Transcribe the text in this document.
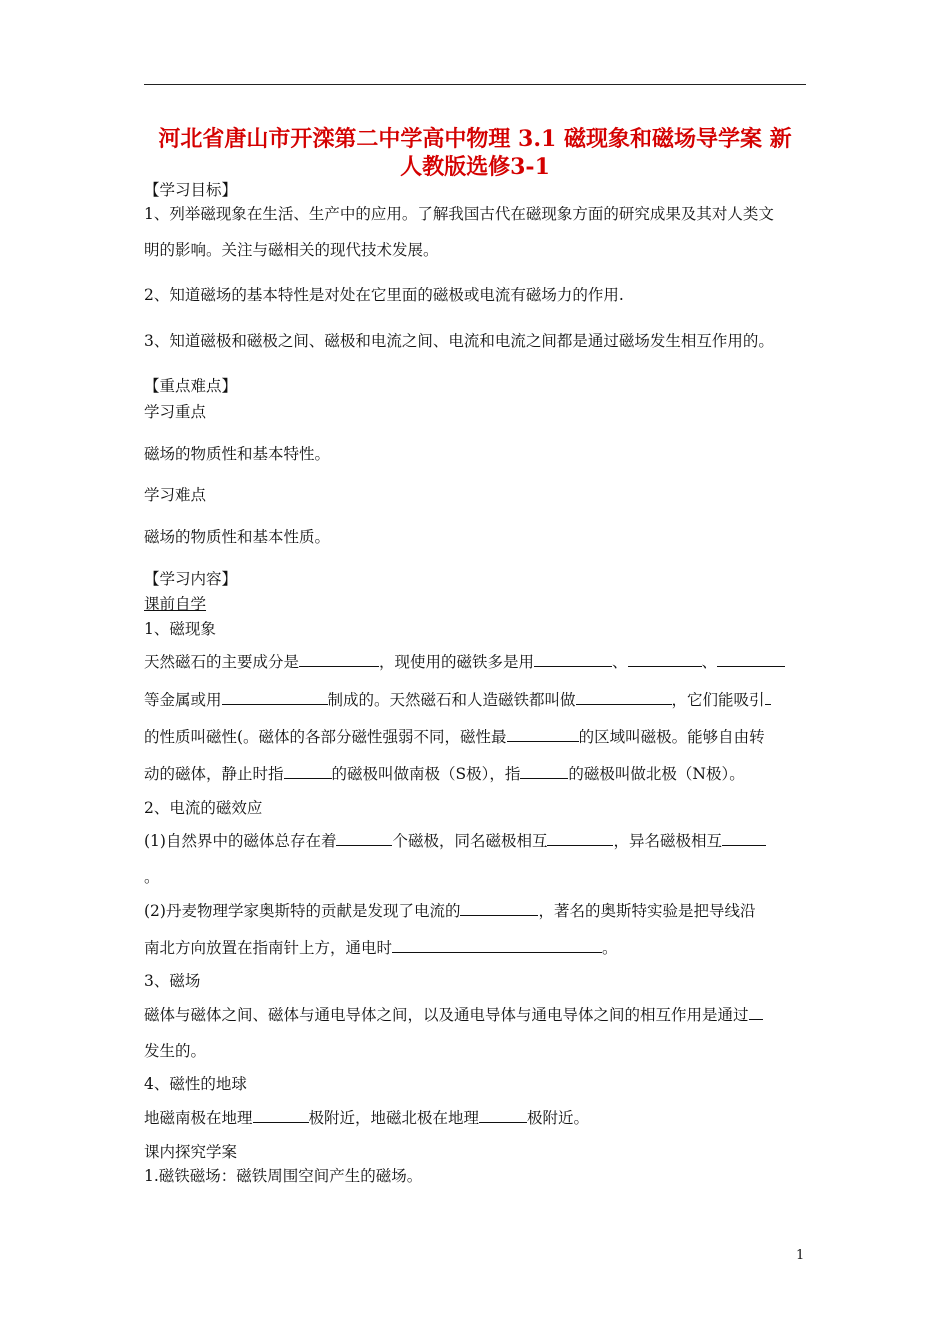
河北省唐山市开滦第二中学高中物理 3.1 磁现象和磁场导学案 新
人教版选修3-1
【学习目标】
1、列举磁现象在生活、生产中的应用。了解我国古代在磁现象方面的研究成果及其对人类文
明的影响。关注与磁相关的现代技术发展。
2、知道磁场的基本特性是对处在它里面的磁极或电流有磁场力的作用.
3、知道磁极和磁极之间、磁极和电流之间、电流和电流之间都是通过磁场发生相互作用的。
【重点难点】
学习重点
磁场的物质性和基本特性。
学习难点
磁场的物质性和基本性质。
【学习内容】
课前自学
1、磁现象
天然磁石的主要成分是	，现使用的磁铁多是用	、	、
等金属或用	制成的。天然磁石和人造磁铁都叫做	，它们能吸引
的性质叫磁性(。磁体的各部分磁性强弱不同，磁性最	的区域叫磁极。能够自由转
动的磁体，静止时指	的磁极叫做南极（S极），指	的磁极叫做北极（N极）。
2、电流的磁效应
(1)自然界中的磁体总存在着	个磁极，同名磁极相互	，异名磁极相互
。
(2)丹麦物理学家奥斯特的贡献是发现了电流的	，著名的奥斯特实验是把导线沿
南北方向放置在指南针上方，通电时	。
3、磁场
磁体与磁体之间、磁体与通电导体之间，以及通电导体与通电导体之间的相互作用是通过
发生的。
4、磁性的地球
地磁南极在地理	极附近，地磁北极在地理	极附近。
课内探究学案
1.磁铁磁场：磁铁周围空间产生的磁场。
1
